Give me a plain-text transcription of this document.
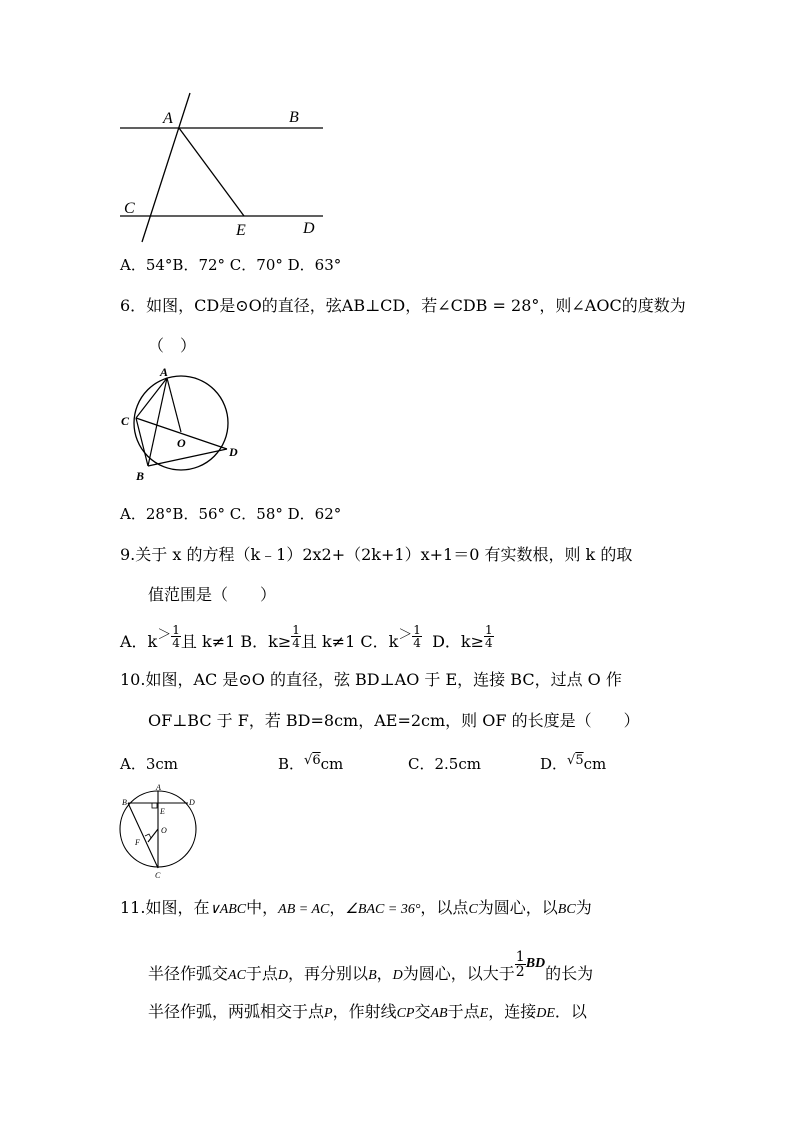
A	B
C
D
E
A．54°B．72° C．70° D．63°
6．如图，CD是⊙O的直径，弦AB⊥CD，若∠CDB = 28°，则∠AOC的度数为
（　）
A
C
O
D
B
A．28°B．56° C．58° D．62°
9.关于 x 的方程（k﹣1）2x2+（2k+1）x+1＝0 有实数根，则 k 的取
值范围是（　　）
A．$k> \frac{1}{4}$ 且 k≠1 B．$k\ge \frac{1}{4}$ 且 k≠1 C．$k> \frac{1}{4}$ D．$k\ge \frac{1}{4}$
10.如图，AC 是⊙O 的直径，弦 BD⊥AO 于 E，连接 BC，过点 O 作
OF⊥BC 于 F，若 BD=8cm，AE=2cm，则 OF 的长度是（　　）
A．3cm	B．√6cm	C．2.5cm	D．√5cm
A
B	D
E
O
F
C
11.如图，在∨ABC中，AB = AC，∠BAC = 36°，以点C为圆心，以BC为
半径作弧交AC于点D，再分别以B，D为圆心，以大于 $\frac{1}{2}$ BD的长为
半径作弧，两弧相交于点P，作射线CP交AB于点E，连接DE．以
